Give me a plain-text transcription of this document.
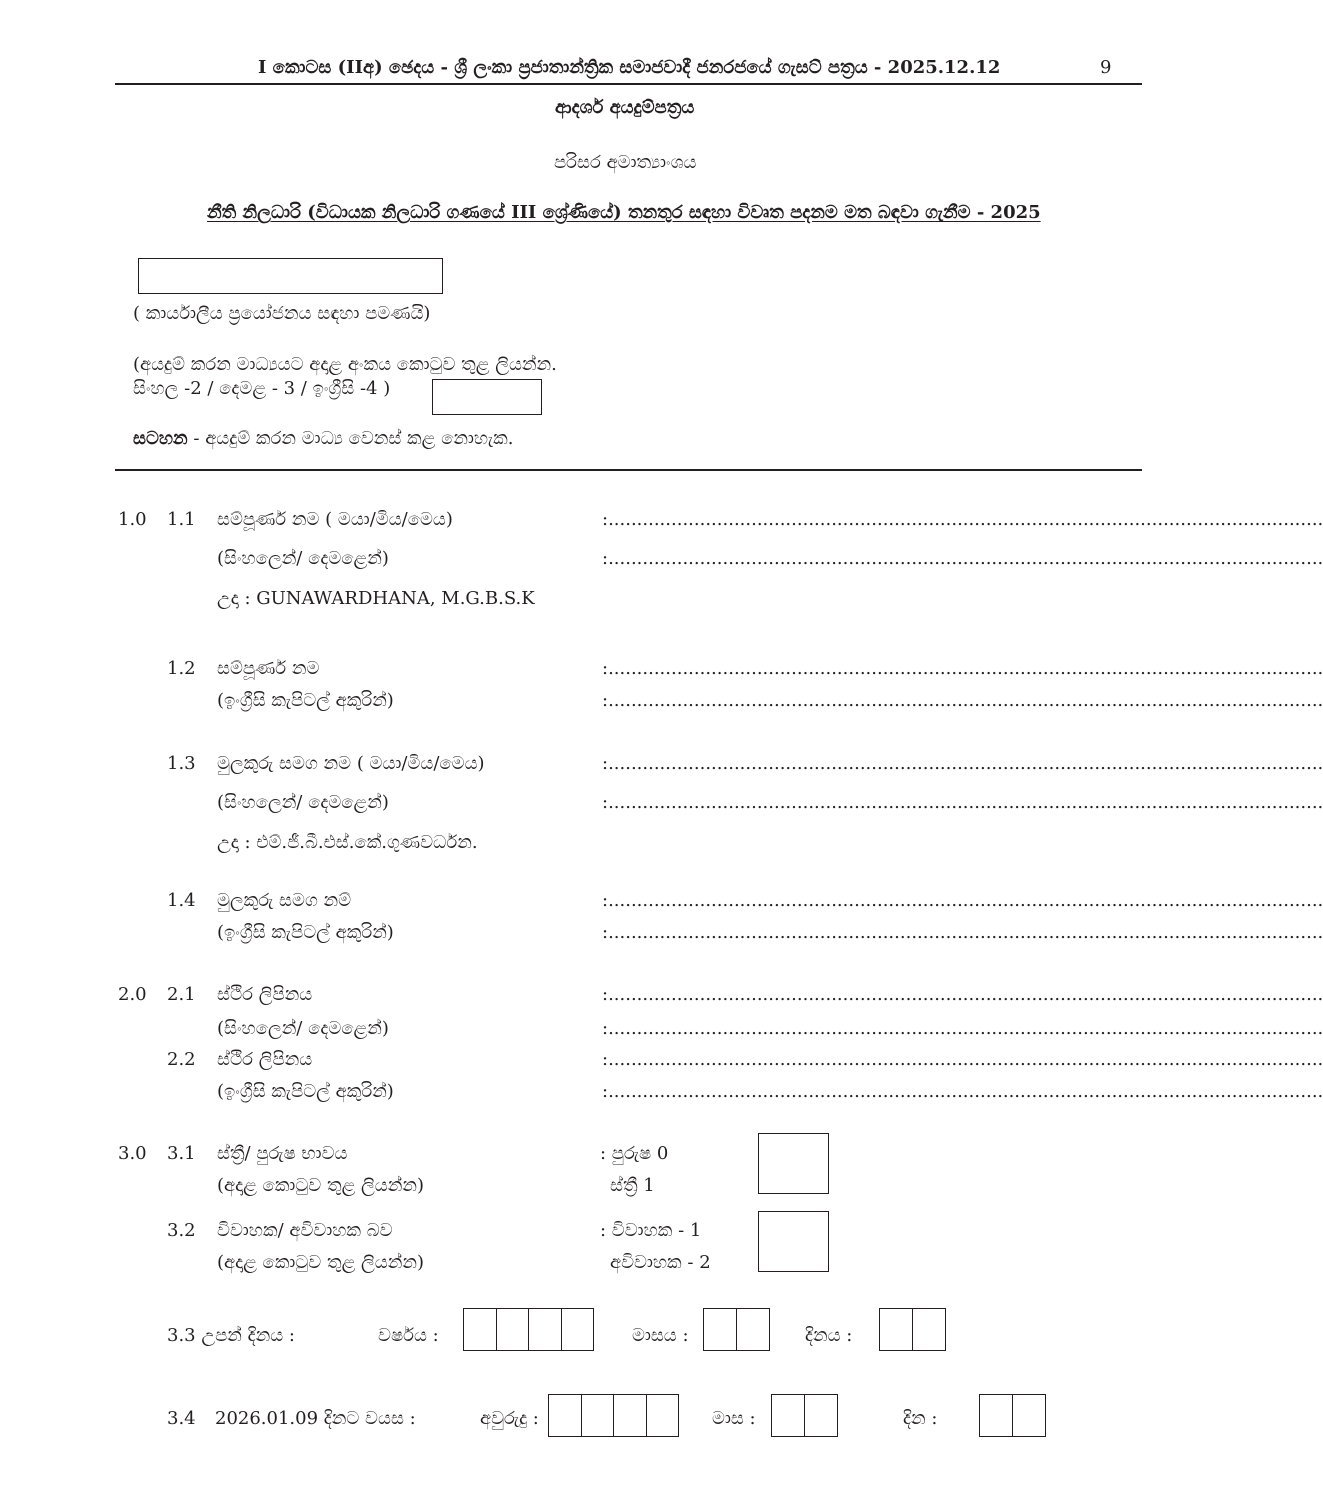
I කොටස (IIඅ) ඡෙදය - ශ්‍රී ලංකා ප්‍රජාතාන්ත්‍රික සමාජවාදී ජනරජයේ ගැසට් පත්‍රය - 2025.12.12	9
ආදර්ශ අයදුම්පත්‍රය
පරිසර අමාත්‍යාංශය
නීති නිලධාරි (විධායක නිලධාරි ගණයේ III ශ්‍රේණියේ) තනතුර සඳහා විවෘත පදනම මත බඳවා ගැනීම - 2025
( කාර්යාලීය ප්‍රයෝජනය සඳහා පමණයි)
(අයදුම් කරන මාධ්‍යයට අදාළ අංකය කොටුව තුළ ලියන්න.
සිංහල -2 / දෙමළ - 3 / ඉංග්‍රීසි -4 )
සටහන - අයදුම් කරන මාධ්‍ය වෙනස් කළ නොහැක.
1.0 1.1 සම්පූර්ණ නම ( මයා/මිය/මෙය)	:.............................................................................................................................
(සිංහලෙන්/ දෙමළෙන්)	:.............................................................................................................................
උදා : GUNAWARDHANA, M.G.B.S.K
1.2 සම්පූර්ණ නම	:.............................................................................................................................
(ඉංග්‍රීසි කැපිටල් අකුරින්)	:.............................................................................................................................
1.3 මුලකුරු සමග නම ( මයා/මිය/මෙය)	:.............................................................................................................................
(සිංහලෙන්/ දෙමළෙන්)	:.............................................................................................................................
උදා : එම්.ජී.බී.එස්.කේ.ගුණවර්ධන.
1.4 මුලකුරු සමග නම්	:.............................................................................................................................
(ඉංග්‍රීසි කැපිටල් අකුරින්)	:.............................................................................................................................
2.0 2.1 ස්ථිර ලිපිනය	:.............................................................................................................................
(සිංහලෙන්/ දෙමළෙන්)	:.............................................................................................................................
2.2 ස්ථිර ලිපිනය	:.............................................................................................................................
(ඉංග්‍රීසි කැපිටල් අකුරින්)	:.............................................................................................................................
3.0 3.1 ස්ත්‍රී/ පුරුෂ භාවය	: පුරුෂ 0
(අදාළ කොටුව තුළ ලියන්න)	ස්ත්‍රී 1
3.2 විවාහක/ අවිවාහක බව	: විවාහක - 1
(අදාළ කොටුව තුළ ලියන්න)	අවිවාහක - 2
3.3 උපන් දිනය :	වර්ෂය :	මාසය :	දිනය :
3.4 2026.01.09 දිනට වයස :	අවුරුදු :	මාස :	දින :
